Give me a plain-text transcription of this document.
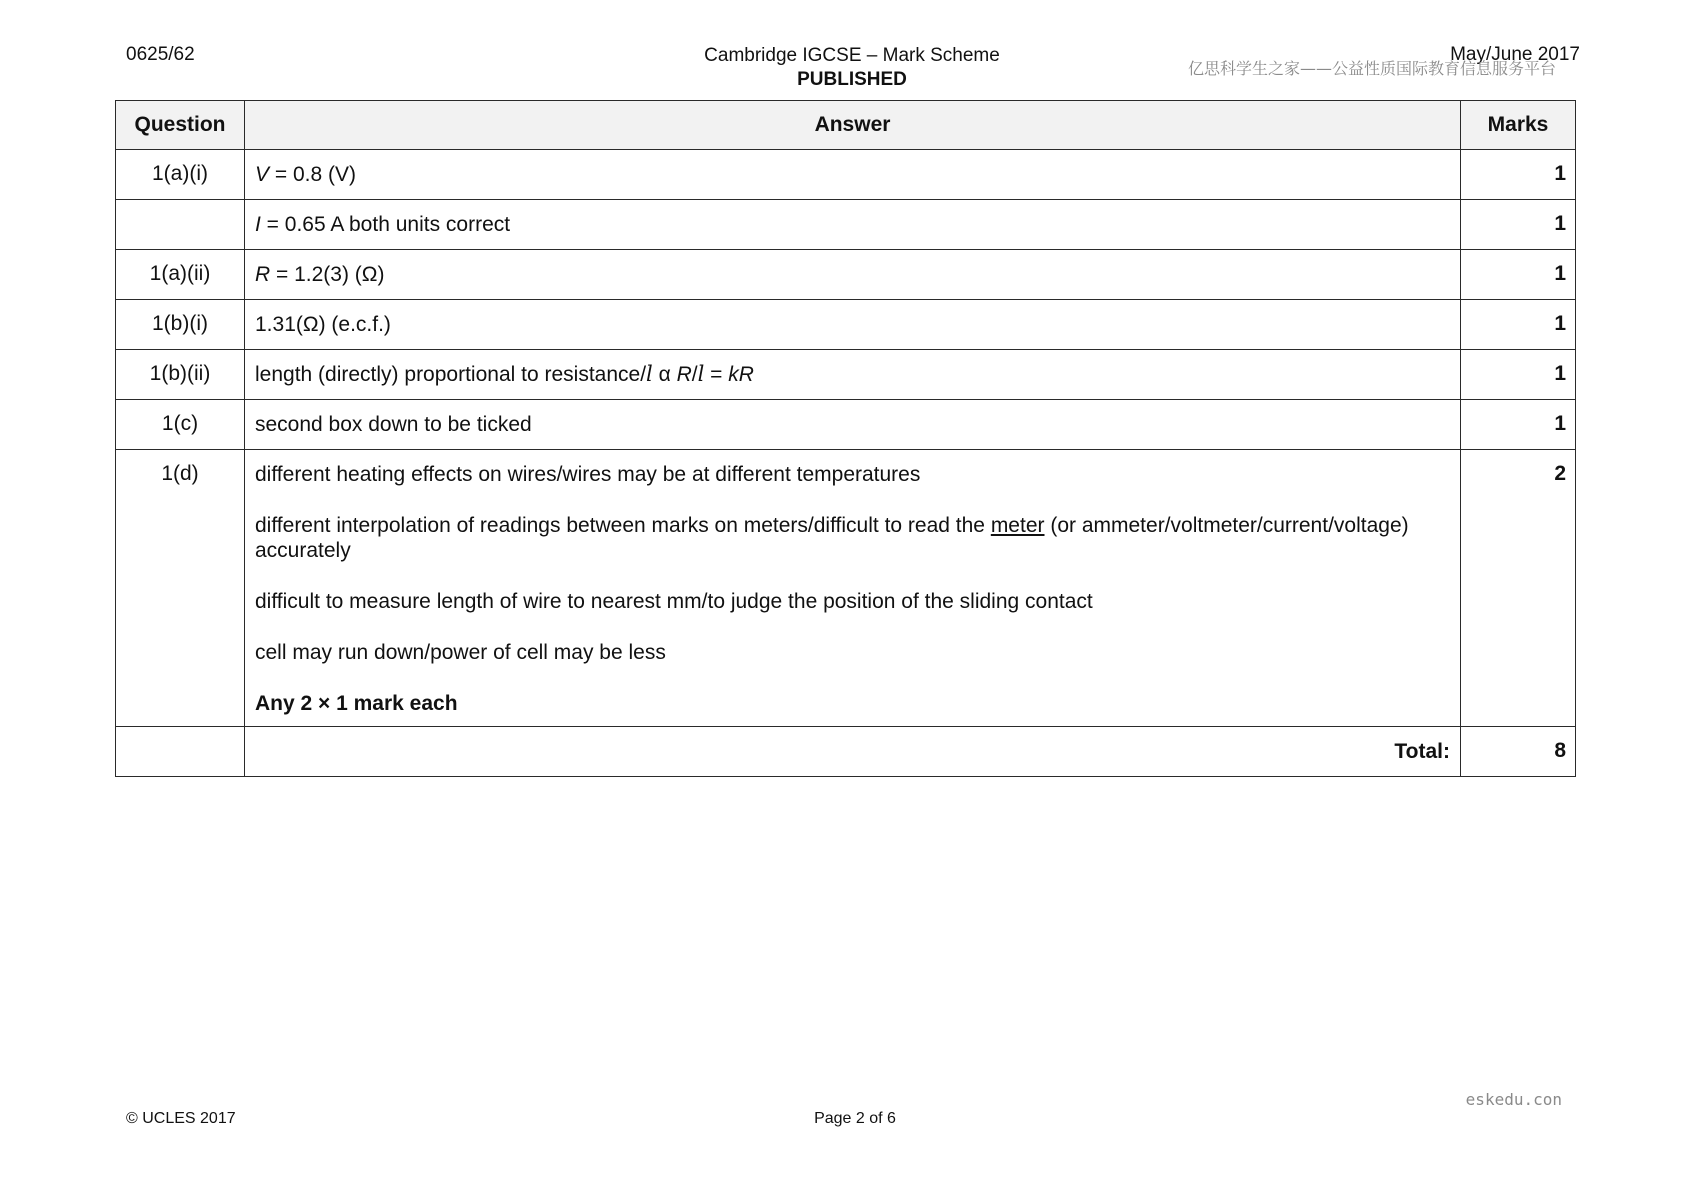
0625/62	Cambridge IGCSE – Mark Scheme
PUBLISHED
May/June 2017
亿思科学生之家——公益性质国际教育信息服务平台
Question	Answer	Marks
1(a)(i)	V = 0.8 (V)	1
	I = 0.65 A both units correct	1
1(a)(ii)	R = 1.2(3) (Ω)	1
1(b)(i)	1.31(Ω) (e.c.f.)	1
1(b)(ii)	length (directly) proportional to resistance/l α R/l = kR	1
1(c)	second box down to be ticked	1
1(d)	different heating effects on wires/wires may be at different temperatures
different interpolation of readings between marks on meters/difficult to read the meter (or ammeter/voltmeter/current/voltage) accurately
difficult to measure length of wire to nearest mm/to judge the position of the sliding contact
cell may run down/power of cell may be less
Any 2 × 1 mark each	2
	Total:	8
© UCLES 2017	Page 2 of 6
eskedu.con
